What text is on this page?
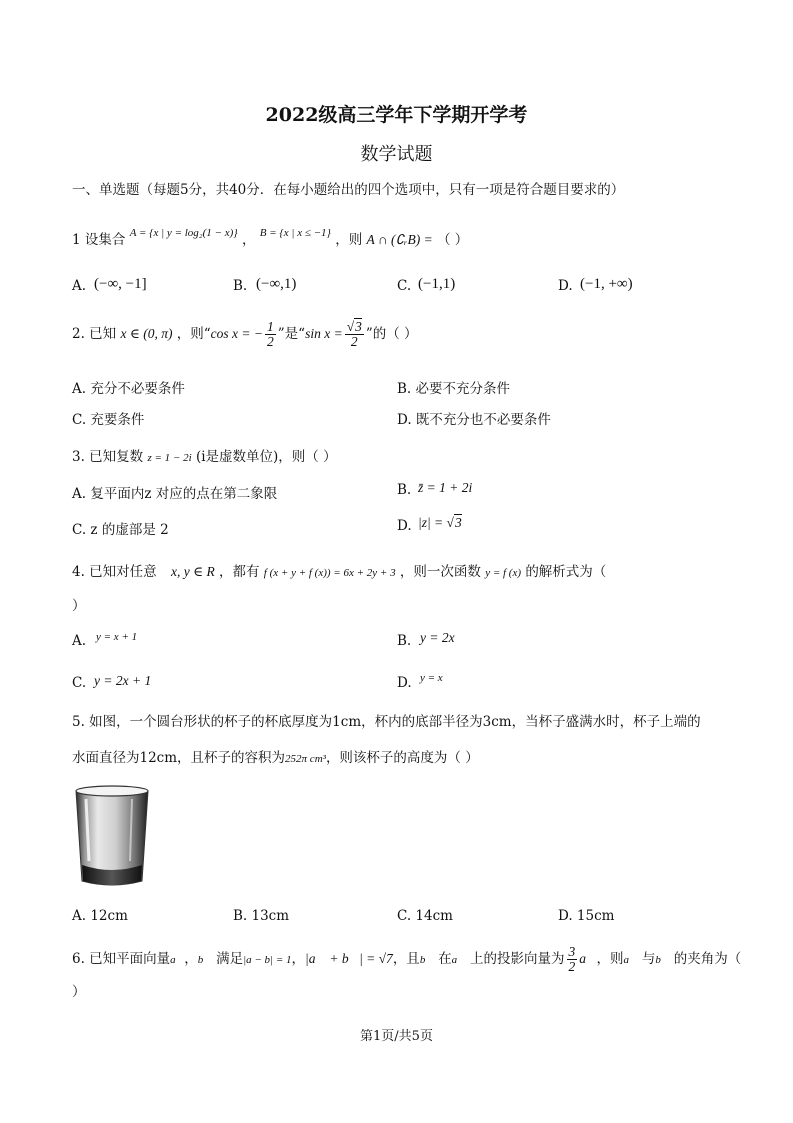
2022级高三学年下学期开学考
数学试题
一、单选题（每题5分，共40分．在每小题给出的四个选项中，只有一项是符合题目要求的）
1 设集合 $^{A = \{x | y = log_2(1 - x)\}}$ ， $^{B = \{x | x \le -1\}}$ ，则 A ∩ (∁ᵣB) = （ ）
A. (−∞, −1]	B. (−∞,1)	C. (−1,1)	D. (−1, +∞)
2. 已知 x ∈ (0, π) ，则“cos x = − $\frac{1}{2}$ ”是“sin $x = \frac{√3}{2}$ ”的（ ）
A. 充分不必要条件	B. 必要不充分条件
C. 充要条件	D. 既不充分也不必要条件
3. 已知复数 z = 1 − 2i (i是虚数单位)，则（ ）
A. 复平面内z 对应的点在第二象限	B. z̄ = 1 + 2i
C. z 的虚部是 2	D. |z| = √3
4. 已知对任意 x, y ∈ R ，都有 f (x + y + f (x)) = 6x + 2y + 3 ，则一次函数 y = f (x) 的解析式为（
）
A. y = x + 1	B. y = 2x
C. y = 2x + 1	D. y = x
5. 如图，一个圆台形状的杯子的杯底厚度为1cm，杯内的底部半径为3cm，当杯子盛满水时，杯子上端的
水面直径为12cm，且杯子的容积为252π cm³，则该杯子的高度为（ ）
A. 12cm	B. 13cm	C. 14cm	D. 15cm
6. 已知平面向量a⃗，b⃗ 满足|a − b| = 1，|a⃗ + b⃗| = √7，且b⃗ 在a⃗ 上的投影向量为 $\frac{3}{2}$ a⃗，则a⃗ 与b⃗ 的夹角为（
）
第1页/共5页
